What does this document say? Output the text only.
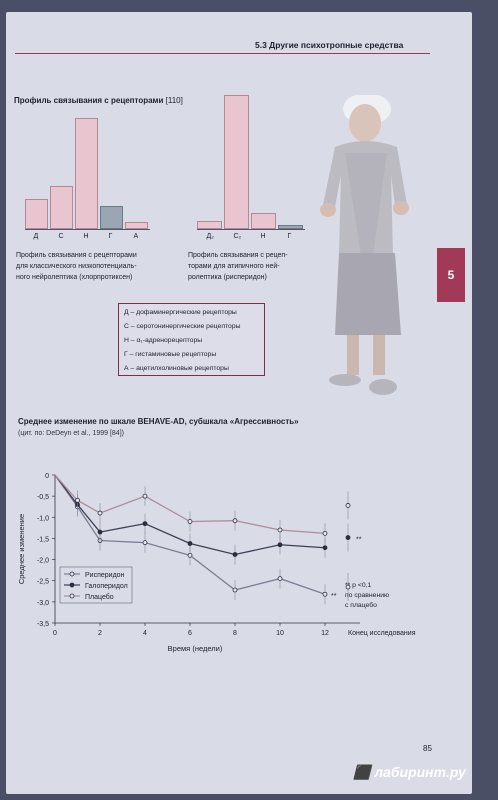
5.3 Другие психотропные средства
Профиль связывания с рецепторами [110]
Д	С	Н	Г	А
Профиль связывания с рецепторами
для классического низкопотенциаль-
ного нейролептика (хлорпротиксен)
Д₂	С₂	Н	Г
Профиль связывания с рецеп-
торами для атипичного ней-
ролептика (рисперидон)
Д – дофаминергические рецепторы
С – серотонинергические рецепторы
Н – α₁-адренорецепторы
Г – гистаминовые рецепторы
А – ацетилхолиновые рецепторы
5
Среднее изменение по шкале BEHAVE-AD, субшкала «Агрессивность»
(цит. по: DeDeyn et al., 1999 [84])
0
-0,5
-1,0
-1,5
-2,0
-2,5
-3,0
-3,5
0	2	4	6	8	10	12	Конец исследования
Время (недели)
Среднее изменение	Рисперидон
Галоперидол
Плацебо
**
**
** р <0,1
по сравнению
с плацебо
85
⬛ лабиринт.ру
